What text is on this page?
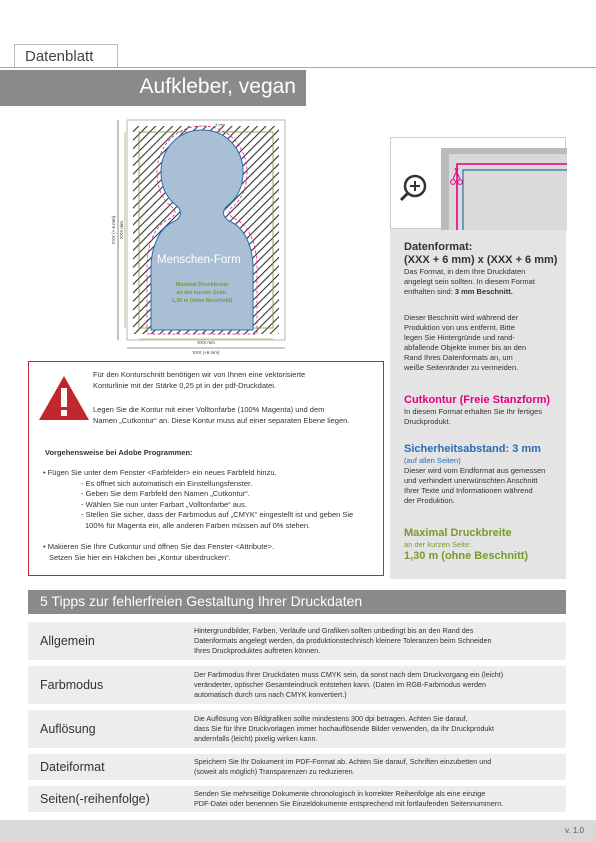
Datenblatt
Aufkleber, vegan
3 mm
Menschen-Form
Maximal Druckbreite
an der kurzen Seite:
1,30 m (ohne Beschnitt)
XXX mm
XXX (+6 mm)
XXX (+ 6 mm) XXX mm
Datenformat:
(XXX + 6 mm) x (XXX + 6 mm)
Das Format, in dem Ihre Druckdaten
angelegt sein sollten. In diesem Format
enthalten sind: 3 mm Beschnitt.
Dieser Beschnitt wird während der
Produktion von uns entfernt. Bitte
legen Sie Hintergründe und rand-
abfallende Objekte immer bis an den
Rand Ihres Datenformats an, um
weiße Seitenränder zu vermeiden.
Cutkontur (Freie Stanzform)
In diesem Format erhalten Sie Ihr fertiges
Druckprodukt.
Sicherheitsabstand: 3 mm
(auf allen Seiten)
Dieser wird vom Endformat aus gemessen
und verhindert unerwünschten Anschnitt
Ihrer Texte und Informationen während
der Produktion.
Maximal Druckbreite
an der kurzen Seite:
1,30 m (ohne Beschnitt)
Für den Konturschnitt benötigen wir von Ihnen eine vektorisierte
Konturlinie mit der Stärke 0,25 pt in der pdf-Druckdatei.
Legen Sie die Kontur mit einer Volltonfarbe (100% Magenta) und dem
Namen „Cutkontur“ an. Diese Kontur muss auf einer separaten Ebene liegen.
Vorgehensweise bei Adobe Programmen:
• Fügen Sie unter dem Fenster <Farbfelder> ein neues Farbfeld hinzu.
- Es öffnet sich automatisch ein Einstellungsfenster.
- Geben Sie dem Farbfeld den Namen „Cutkontur“.
- Wählen Sie nun unter Farbart „Volltonfarbe“ aus.
- Stellen Sie sicher, dass der Farbmodus auf „CMYK“ eingestellt ist und geben Sie
100% für Magenta ein, alle anderen Farben müssen auf 0% stehen.
• Makieren Sie Ihre Cutkontur und öffnen Sie das Fenster <Attribute>.
Setzen Sie hier ein Häkchen bei „Kontur überdrucken“.
5 Tipps zur fehlerfreien Gestaltung Ihrer Druckdaten
Allgemein
Hintergrundbilder, Farben, Verläufe und Grafiken sollten unbedingt bis an den Rand des
Datenformats angelegt werden, da produktionstechnisch kleinere Toleranzen beim Schneiden
Ihres Druckproduktes auftreten können.
Farbmodus
Der Farbmodus Ihrer Druckdaten muss CMYK sein, da sonst nach dem Druckvorgang ein (leicht)
veränderter, optischer Gesamteindruck entstehen kann. (Daten im RGB-Farbmodus werden
automatisch durch uns nach CMYK konvertiert.)
Auflösung
Die Auflösung von Bildgrafiken sollte mindestens 300 dpi betragen. Achten Sie darauf,
dass Sie für Ihre Druckvorlagen immer hochauflösende Bilder verwenden, da Ihr Druckprodukt
andernfalls (leicht) pixelig wirken kann.
Dateiformat	Speichern Sie Ihr Dokument im PDF-Format ab. Achten Sie darauf, Schriften einzubetten und
(soweit als möglich) Transparenzen zu reduzieren.
Seiten(-reihenfolge)	Senden Sie mehrseitige Dokumente chronologisch in korrekter Reihenfolge als eine einzige
PDF-Datei oder benennen Sie Einzeldokumente entsprechend mit fortlaufenden Seitennummern.
v. 1.0
